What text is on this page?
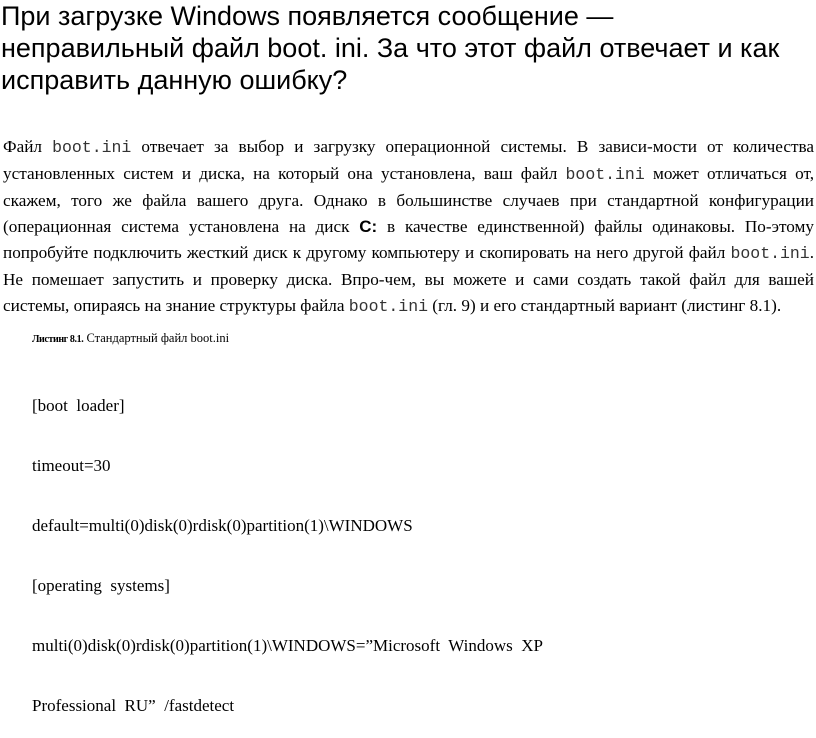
При загрузке Windows появляется сообщение — неправильный файл boot. ini. За что этот файл отвечает и как исправить данную ошибку?

Файл boot.ini отвечает за выбор и загрузку операционной системы. В зависи-мости от количества установленных систем и диска, на который она установлена, ваш файл boot.ini может отличаться от, скажем, того же файла вашего друга. Однако в большинстве случаев при стандартной конфигурации (операционная система установлена на диск С: в качестве единственной) файлы одинаковы. По-этому попробуйте подключить жесткий диск к другому компьютеру и скопировать на него другой файл boot.ini. Не помешает запустить и проверку диска. Впро-чем, вы можете и сами создать такой файл для вашей системы, опираясь на знание структуры файла boot.ini (гл. 9) и его стандартный вариант (листинг 8.1).

Листинг 8.1. Стандартный файл boot.ini

[boot  loader]

timeout=30

default=multi(0)disk(0)rdisk(0)partition(1)\WINDOWS

[operating  systems]

multi(0)disk(0)rdisk(0)partition(1)\WINDOWS=”Microsoft  Windows  XP

Professional  RU”  /fastdetect
